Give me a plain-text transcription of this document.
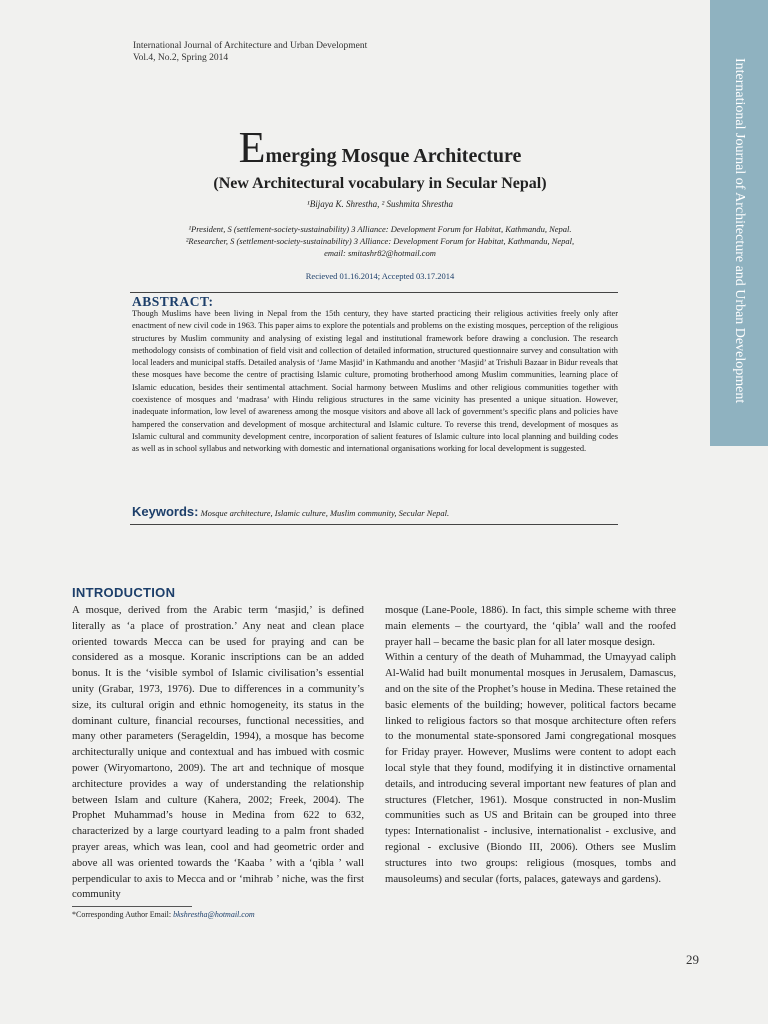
International Journal of Architecture and Urban Development
International Journal of Architecture and Urban Development
Vol.4, No.2, Spring 2014
Emerging Mosque Architecture
(New Architectural vocabulary in Secular Nepal)
¹Bijaya K. Shrestha, ² Sushmita Shrestha
¹President, S (settlement-society-sustainability) 3 Alliance: Development Forum for Habitat, Kathmandu, Nepal.
²Researcher, S (settlement-society-sustainability) 3 Alliance: Development Forum for Habitat, Kathmandu, Nepal,
email: smitashr82@hotmail.com
Recieved 01.16.2014; Accepted 03.17.2014
ABSTRACT:
Though Muslims have been living in Nepal from the 15th century, they have started practicing their religious activities freely only after enactment of new civil code in 1963. This paper aims to explore the potentials and problems on the existing mosques, perception of the religious structures by Muslim community and analysing of existing legal and institutional framework before drawing a conclusion. The research methodology consists of combination of field visit and collection of detailed information, structured questionnaire survey and consultation with local leaders and municipal staffs. Detailed analysis of ‘Jame Masjid’ in Kathmandu and another ‘Masjid’ at Trishuli Bazaar in Bidur reveals that these mosques have become the centre of practising Islamic culture, promoting brotherhood among Muslim communities, learning place of Islamic education, besides their sentimental attachment. Social harmony between Muslims and other religious communities together with coexistence of mosques and ‘madrasa’ with Hindu religious structures in the same vicinity has presented a unique situation. However, inadequate information, low level of awareness among the mosque visitors and above all lack of government’s specific plans and policies have hampered the conservation and development of mosque architectural and Islamic culture. To reverse this trend, development of mosques as Islamic cultural and community development centre, incorporation of salient features of Islamic culture into local planning and building codes as well as in school syllabus and networking with domestic and international organisations working for local development is suggested.
Keywords: Mosque architecture, Islamic culture, Muslim community, Secular Nepal.
INTRODUCTION

A mosque, derived from the Arabic term ‘masjid,’ is defined literally as ‘a place of prostration.’ Any neat and clean place oriented towards Mecca can be used for praying and can be considered as a mosque. Koranic inscriptions can be an added bonus. It is the ‘visible symbol of Islamic civilisation’s essential unity (Grabar, 1973, 1976). Due to differences in a community’s size, its cultural origin and ethnic homogeneity, its status in the dominant culture, financial recourses, functional necessities, and many other parameters (Serageldin, 1994), a mosque has become architecturally unique and contextual and has imbued with cosmic power (Wiryomartono, 2009). The art and technique of mosque architecture provides a way of understanding the relationship between Islam and culture (Kahera, 2002; Freek, 2004). The Prophet Muhammad’s house in Medina from 622 to 632, characterized by a large courtyard leading to a palm front shaded prayer areas, which was lean, cool and had geometric order and above all was oriented towards the ‘Kaaba ’ with a ‘qibla ’ wall perpendicular to axis to Mecca and or ‘mihrab ’ niche, was the first community

mosque (Lane-Poole, 1886). In fact, this simple scheme with three main elements – the courtyard, the ‘qibla’ wall and the roofed prayer hall – became the basic plan for all later mosque design.

Within a century of the death of Muhammad, the Umayyad caliph Al-Walid had built monumental mosques in Jerusalem, Damascus, and on the site of the Prophet’s house in Medina. These retained the basic elements of the building; however, political factors became linked to religious factors so that mosque architecture often refers to the monumental state-sponsored Jami congregational mosques for Friday prayer. However, Muslims were content to adopt each local style that they found, modifying it in distinctive ornamental details, and introducing several important new features of plan and structures (Fletcher, 1961). Mosque constructed in non-Muslim communities such as US and Britain can be grouped into three types: Internationalist - inclusive, internationalist - exclusive, and regional - exclusive (Biondo III, 2006). Others see Muslim structures into two groups: religious (mosques, tombs and mausoleums) and secular (forts, palaces, gateways and gardens).

*Corresponding Author Email: bkshrestha@hotmail.com
29
